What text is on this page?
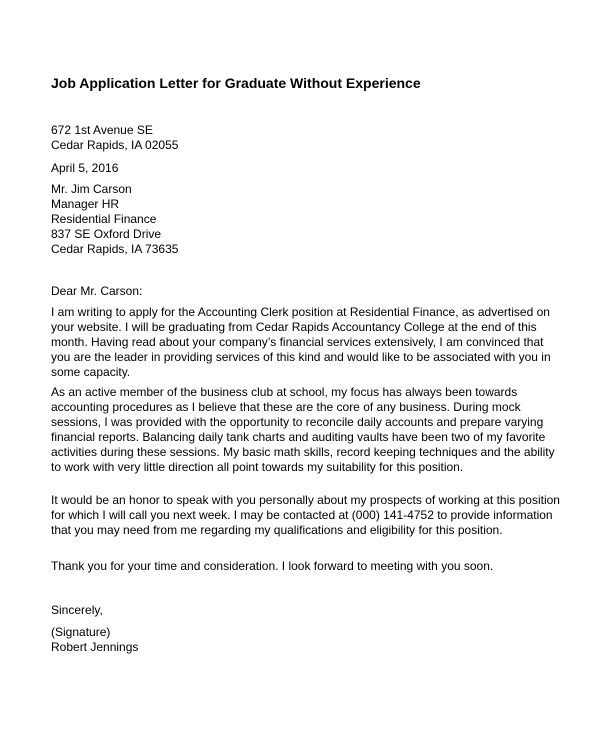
Job Application Letter for Graduate Without Experience
672 1st Avenue SE
Cedar Rapids, IA 02055
April 5, 2016
Mr. Jim Carson
Manager HR
Residential Finance
837 SE Oxford Drive
Cedar Rapids, IA 73635
Dear Mr. Carson:
I am writing to apply for the Accounting Clerk position at Residential Finance, as advertised on your website. I will be graduating from Cedar Rapids Accountancy College at the end of this month. Having read about your company’s financial services extensively, I am convinced that you are the leader in providing services of this kind and would like to be associated with you in some capacity.
As an active member of the business club at school, my focus has always been towards accounting procedures as I believe that these are the core of any business. During mock sessions, I was provided with the opportunity to reconcile daily accounts and prepare varying financial reports. Balancing daily tank charts and auditing vaults have been two of my favorite activities during these sessions. My basic math skills, record keeping techniques and the ability to work with very little direction all point towards my suitability for this position.
It would be an honor to speak with you personally about my prospects of working at this position for which I will call you next week. I may be contacted at (000) 141-4752 to provide information that you may need from me regarding my qualifications and eligibility for this position.
Thank you for your time and consideration. I look forward to meeting with you soon.
Sincerely,
(Signature)
Robert Jennings
